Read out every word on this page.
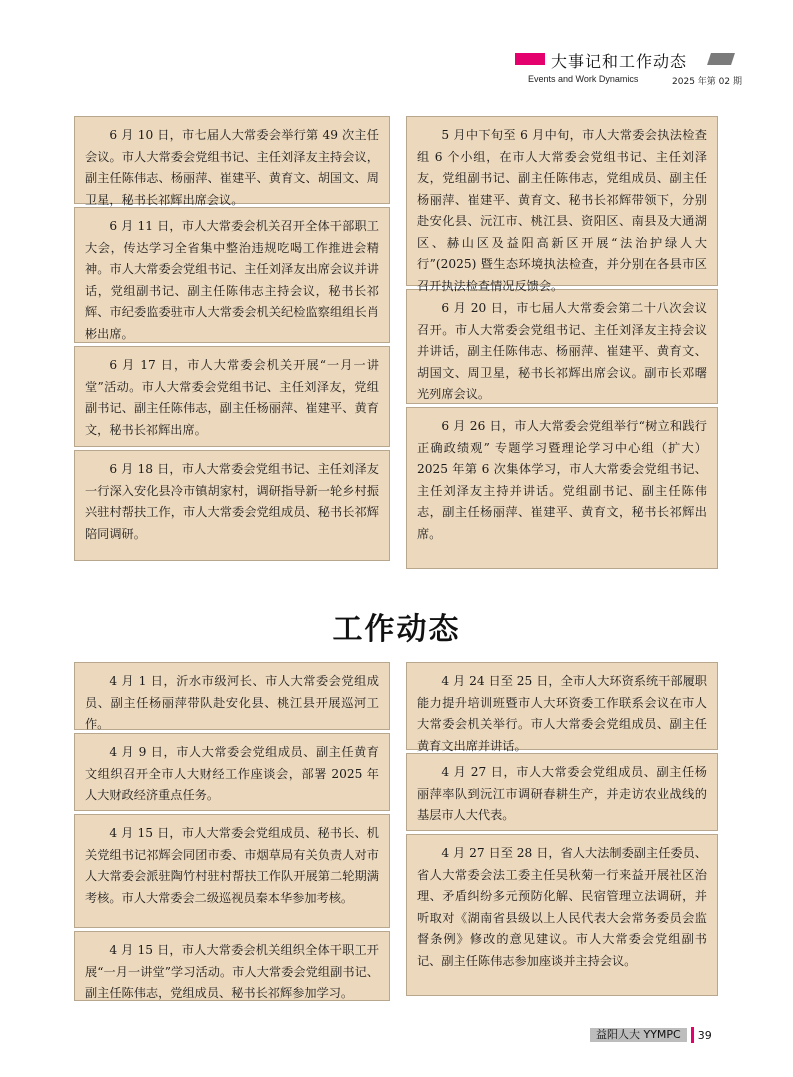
大事记和工作动态
Events and Work Dynamics	2025 年第 02 期

6 月 10 日，市七届人大常委会举行第 49 次主任会议。市人大常委会党组书记、主任刘泽友主持会议，副主任陈伟志、杨丽萍、崔建平、黄育文、胡国文、周卫星，秘书长祁辉出席会议。

6 月 11 日，市人大常委会机关召开全体干部职工大会，传达学习全省集中整治违规吃喝工作推进会精神。市人大常委会党组书记、主任刘泽友出席会议并讲话，党组副书记、副主任陈伟志主持会议，秘书长祁辉、市纪委监委驻市人大常委会机关纪检监察组组长肖彬出席。

6 月 17 日，市人大常委会机关开展“一月一讲堂”活动。市人大常委会党组书记、主任刘泽友，党组副书记、副主任陈伟志，副主任杨丽萍、崔建平、黄育文，秘书长祁辉出席。

6 月 18 日，市人大常委会党组书记、主任刘泽友一行深入安化县冷市镇胡家村，调研指导新一轮乡村振兴驻村帮扶工作，市人大常委会党组成员、秘书长祁辉陪同调研。

5 月中下旬至 6 月中旬，市人大常委会执法检查组 6 个小组，在市人大常委会党组书记、主任刘泽友，党组副书记、副主任陈伟志，党组成员、副主任杨丽萍、崔建平、黄育文、秘书长祁辉带领下，分别赴安化县、沅江市、桃江县、资阳区、南县及大通湖区、赫山区及益阳高新区开展“法治护绿人大行”(2025) 暨生态环境执法检查，并分别在各县市区召开执法检查情况反馈会。

6 月 20 日，市七届人大常委会第二十八次会议召开。市人大常委会党组书记、主任刘泽友主持会议并讲话，副主任陈伟志、杨丽萍、崔建平、黄育文、胡国文、周卫星，秘书长祁辉出席会议。副市长邓曙光列席会议。

6 月 26 日，市人大常委会党组举行“树立和践行正确政绩观” 专题学习暨理论学习中心组（扩大）2025 年第 6 次集体学习，市人大常委会党组书记、主任刘泽友主持并讲话。党组副书记、副主任陈伟志，副主任杨丽萍、崔建平、黄育文，秘书长祁辉出席。

工作动态

4 月 1 日，沂水市级河长、市人大常委会党组成员、副主任杨丽萍带队赴安化县、桃江县开展巡河工作。

4 月 9 日，市人大常委会党组成员、副主任黄育文组织召开全市人大财经工作座谈会，部署 2025 年人大财政经济重点任务。

4 月 15 日，市人大常委会党组成员、秘书长、机关党组书记祁辉会同团市委、市烟草局有关负责人对市人大常委会派驻陶竹村驻村帮扶工作队开展第二轮期满考核。市人大常委会二级巡视员秦本华参加考核。

4 月 15 日，市人大常委会机关组织全体干职工开展“一月一讲堂”学习活动。市人大常委会党组副书记、副主任陈伟志，党组成员、秘书长祁辉参加学习。

4 月 24 日至 25 日，全市人大环资系统干部履职能力提升培训班暨市人大环资委工作联系会议在市人大常委会机关举行。市人大常委会党组成员、副主任黄育文出席并讲话。

4 月 27 日，市人大常委会党组成员、副主任杨丽萍率队到沅江市调研春耕生产，并走访农业战线的基层市人大代表。

4 月 27 日至 28 日，省人大法制委副主任委员、省人大常委会法工委主任吴秋菊一行来益开展社区治理、矛盾纠纷多元预防化解、民宿管理立法调研，并听取对《湖南省县级以上人民代表大会常务委员会监督条例》修改的意见建议。市人大常委会党组副书记、副主任陈伟志参加座谈并主持会议。

益阳人大 YYMPC	39
